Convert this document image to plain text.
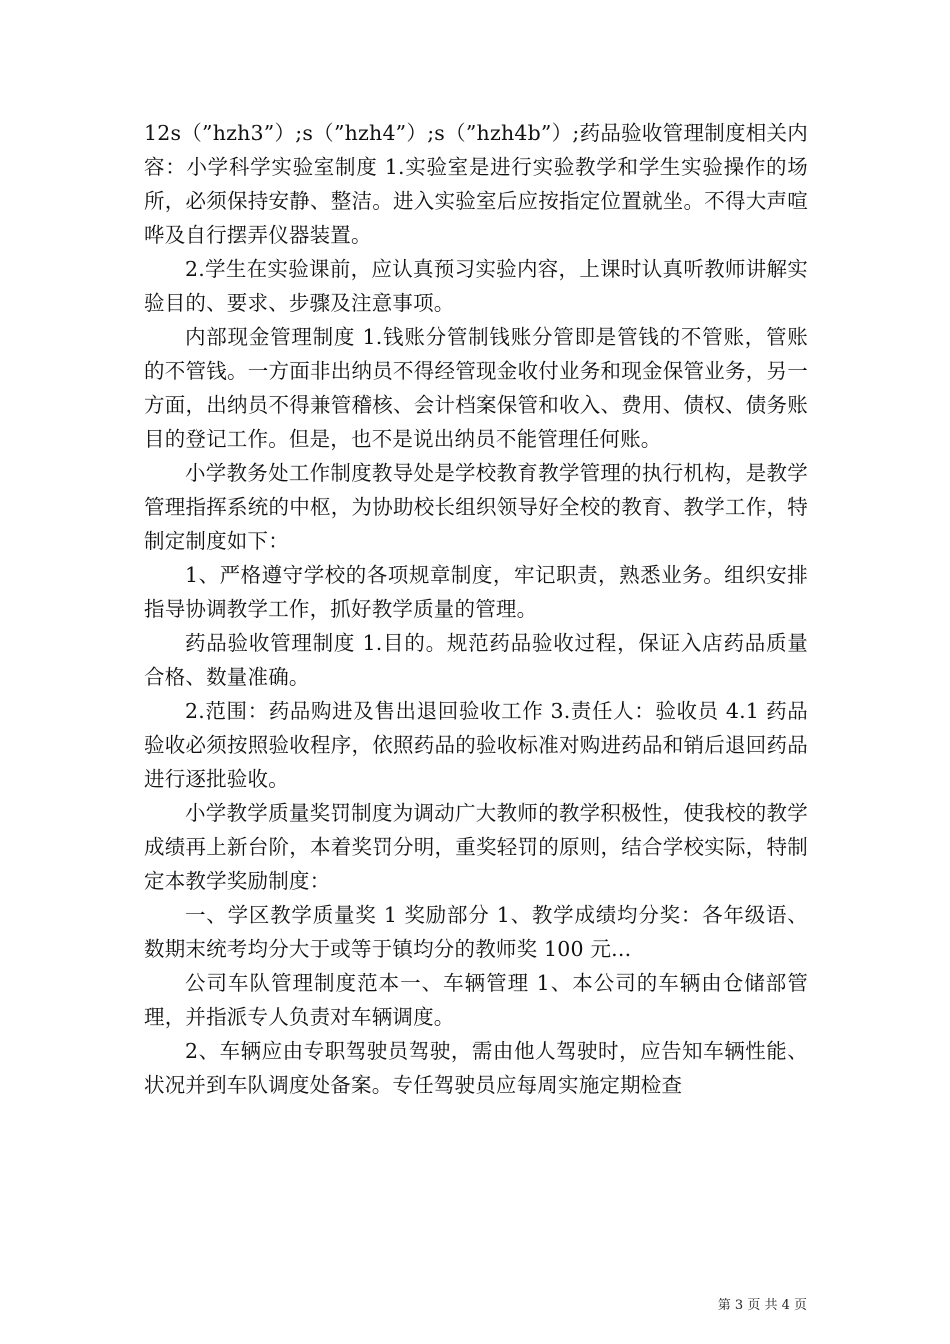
12s（”hzh3”）;s（”hzh4”）;s（”hzh4b”）;药品验收管理制度相关内容：小学科学实验室制度 1.实验室是进行实验教学和学生实验操作的场所，必须保持安静、整洁。进入实验室后应按指定位置就坐。不得大声喧哗及自行摆弄仪器装置。

2.学生在实验课前，应认真预习实验内容，上课时认真听教师讲解实验目的、要求、步骤及注意事项。

内部现金管理制度 1.钱账分管制钱账分管即是管钱的不管账，管账的不管钱。一方面非出纳员不得经管现金收付业务和现金保管业务，另一方面，出纳员不得兼管稽核、会计档案保管和收入、费用、债权、债务账目的登记工作。但是，也不是说出纳员不能管理任何账。

小学教务处工作制度教导处是学校教育教学管理的执行机构，是教学管理指挥系统的中枢，为协助校长组织领导好全校的教育、教学工作，特制定制度如下：

1、严格遵守学校的各项规章制度，牢记职责，熟悉业务。组织安排指导协调教学工作，抓好教学质量的管理。

药品验收管理制度 1.目的。规范药品验收过程，保证入店药品质量合格、数量准确。

2.范围：药品购进及售出退回验收工作 3.责任人：验收员 4.1 药品验收必须按照验收程序，依照药品的验收标准对购进药品和销后退回药品进行逐批验收。

小学教学质量奖罚制度为调动广大教师的教学积极性，使我校的教学成绩再上新台阶，本着奖罚分明，重奖轻罚的原则，结合学校实际，特制定本教学奖励制度：

一、学区教学质量奖 1 奖励部分 1、教学成绩均分奖：各年级语、数期末统考均分大于或等于镇均分的教师奖 100 元...

公司车队管理制度范本一、车辆管理 1、本公司的车辆由仓储部管理，并指派专人负责对车辆调度。

2、车辆应由专职驾驶员驾驶，需由他人驾驶时，应告知车辆性能、状况并到车队调度处备案。专任驾驶员应每周实施定期检查

第 3 页 共 4 页
